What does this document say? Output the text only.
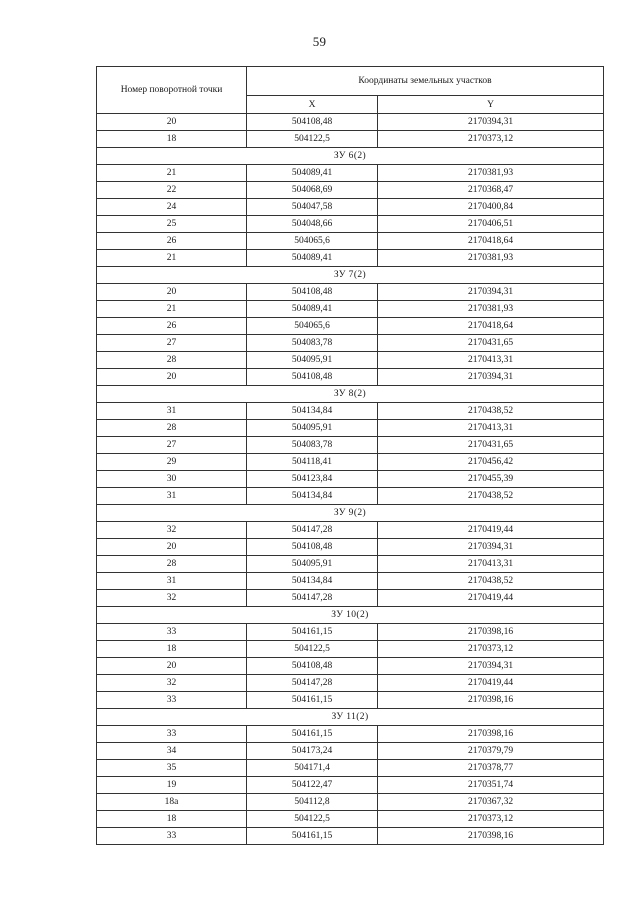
59
Номер поворотной точки	Координаты земельных участков	
	X	Y
20	504108,48	2170394,31
18	504122,5	2170373,12
ЗУ 6(2)		
21	504089,41	2170381,93
22	504068,69	2170368,47
24	504047,58	2170400,84
25	504048,66	2170406,51
26	504065,6	2170418,64
21	504089,41	2170381,93
ЗУ 7(2)		
20	504108,48	2170394,31
21	504089,41	2170381,93
26	504065,6	2170418,64
27	504083,78	2170431,65
28	504095,91	2170413,31
20	504108,48	2170394,31
ЗУ 8(2)		
31	504134,84	2170438,52
28	504095,91	2170413,31
27	504083,78	2170431,65
29	504118,41	2170456,42
30	504123,84	2170455,39
31	504134,84	2170438,52
ЗУ 9(2)		
32	504147,28	2170419,44
20	504108,48	2170394,31
28	504095,91	2170413,31
31	504134,84	2170438,52
32	504147,28	2170419,44
ЗУ 10(2)		
33	504161,15	2170398,16
18	504122,5	2170373,12
20	504108,48	2170394,31
32	504147,28	2170419,44
33	504161,15	2170398,16
ЗУ 11(2)		
33	504161,15	2170398,16
34	504173,24	2170379,79
35	504171,4	2170378,77
19	504122,47	2170351,74
18а	504112,8	2170367,32
18	504122,5	2170373,12
33	504161,15	2170398,16
